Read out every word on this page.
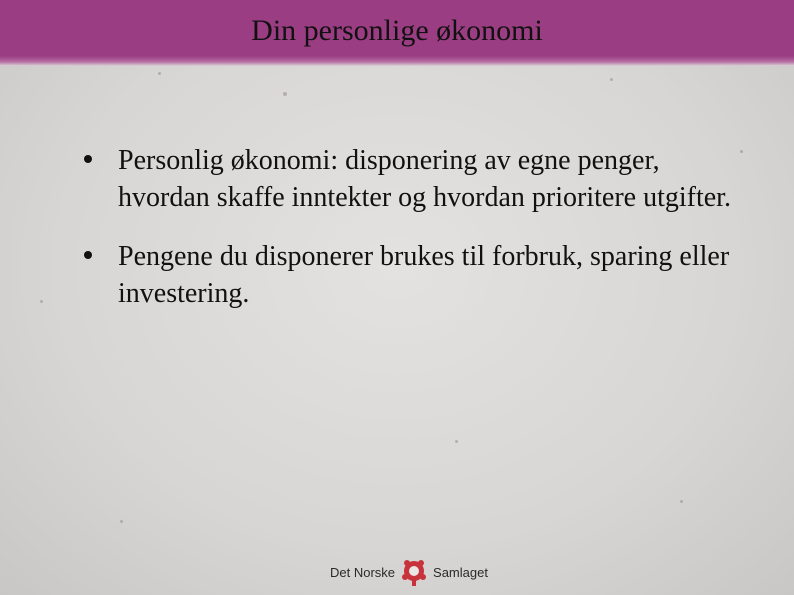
Din personlige økonomi
Personlig økonomi: disponering av egne penger, hvordan skaffe inntekter og hvordan prioritere utgifter.
Pengene du disponerer brukes til forbruk, sparing eller investering.
Det Norske	Samlaget
